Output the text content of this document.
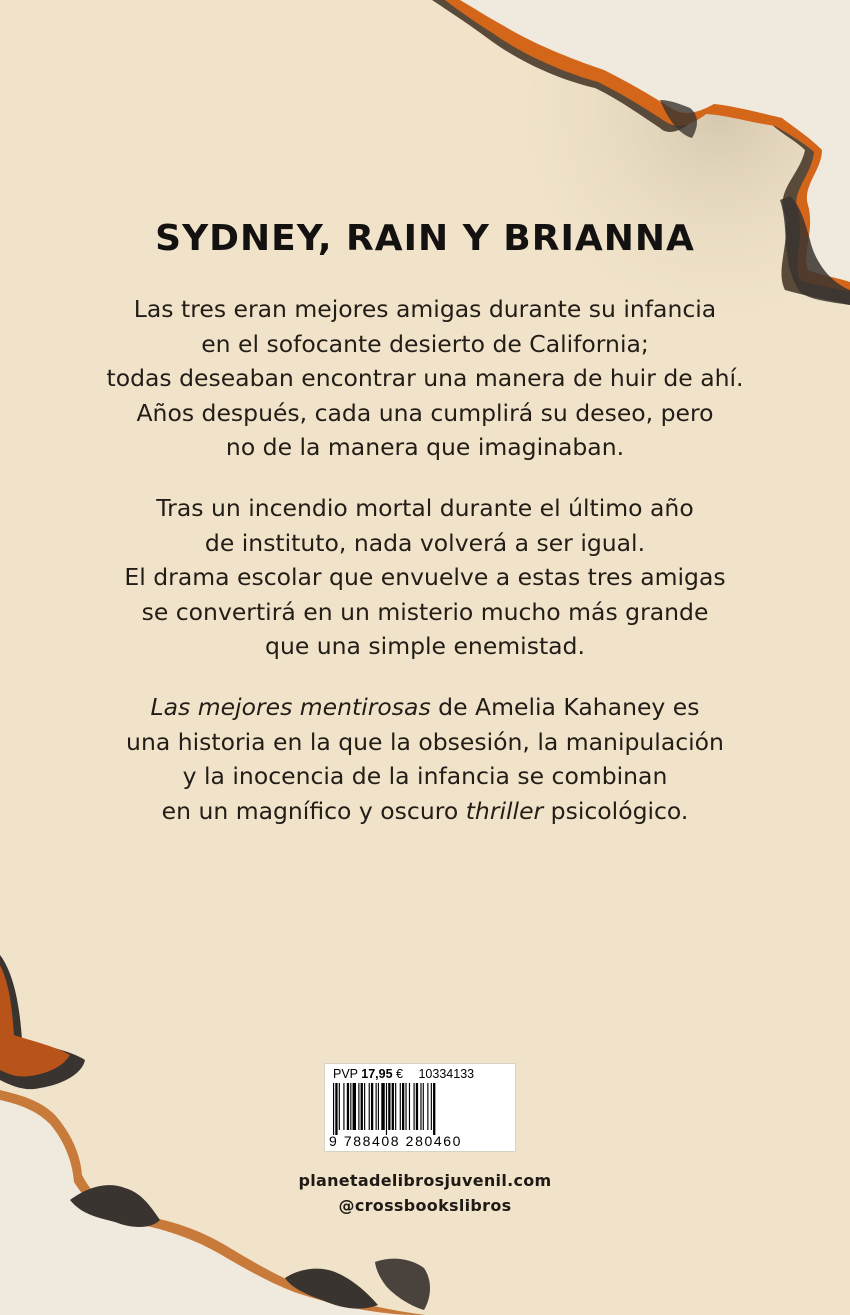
SYDNEY, RAIN Y BRIANNA
Las tres eran mejores amigas durante su infancia
en el sofocante desierto de California;
todas deseaban encontrar una manera de huir de ahí.
Años después, cada una cumplirá su deseo, pero
no de la manera que imaginaban.
Tras un incendio mortal durante el último año
de instituto, nada volverá a ser igual.
El drama escolar que envuelve a estas tres amigas
se convertirá en un misterio mucho más grande
que una simple enemistad.
Las mejores mentirosas de Amelia Kahaney es
una historia en la que la obsesión, la manipulación
y la inocencia de la infancia se combinan
en un magnífico y oscuro thriller psicológico.
PVP 17,95 € 10334133
9 788408 280460
planetadelibrosjuvenil.com
@crossbookslibros
